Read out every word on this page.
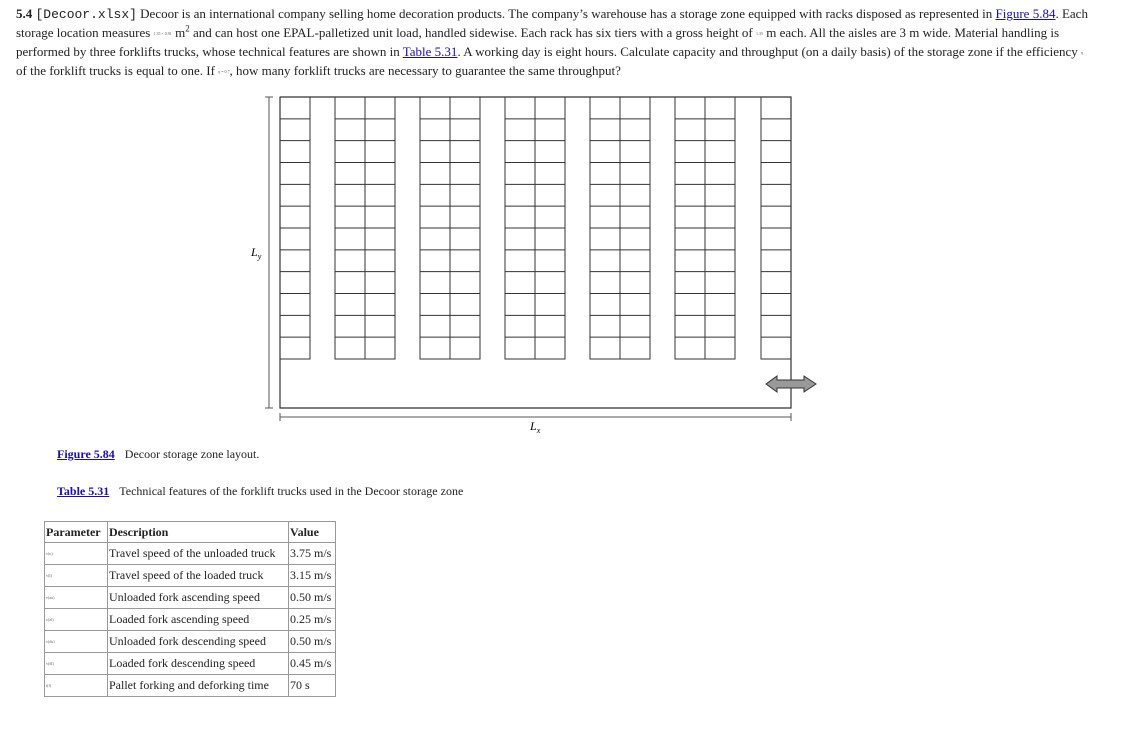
5.4 [Decoor.xlsx] Decoor is an international company selling home decoration products. The company’s warehouse has a storage zone equipped with racks disposed as represented in Figure 5.84. Each storage location measures 1.35 × 0.91 $m^2$ and can host one EPAL-palletized unit load, handled sidewise. Each rack has six tiers with a gross height of 1.35 m each. All the aisles are 3 m wide. Material handling is performed by three forklifts trucks, whose technical features are shown in Table 5.31. A working day is eight hours. Calculate capacity and throughput (on a daily basis) of the storage zone if the efficiency η of the forklift trucks is equal to one. If η = 0.7, how many forklift trucks are necessary to guarantee the same throughput?

$L_y$
$L_x$
Figure 5.84 Decoor storage zone layout.
Table 5.31 Technical features of the forklift trucks used in the Decoor storage zone
Parameter	Description	Value
v(u)	Travel speed of the unloaded truck	3.75 m/s
v(l)	Travel speed of the loaded truck	3.15 m/s
v(au)	Unloaded fork ascending speed	0.50 m/s
v(al)	Loaded fork ascending speed	0.25 m/s
v(du)	Unloaded fork descending speed	0.50 m/s
v(dl)	Loaded fork descending speed	0.45 m/s
t(f)	Pallet forking and deforking time	70 s
